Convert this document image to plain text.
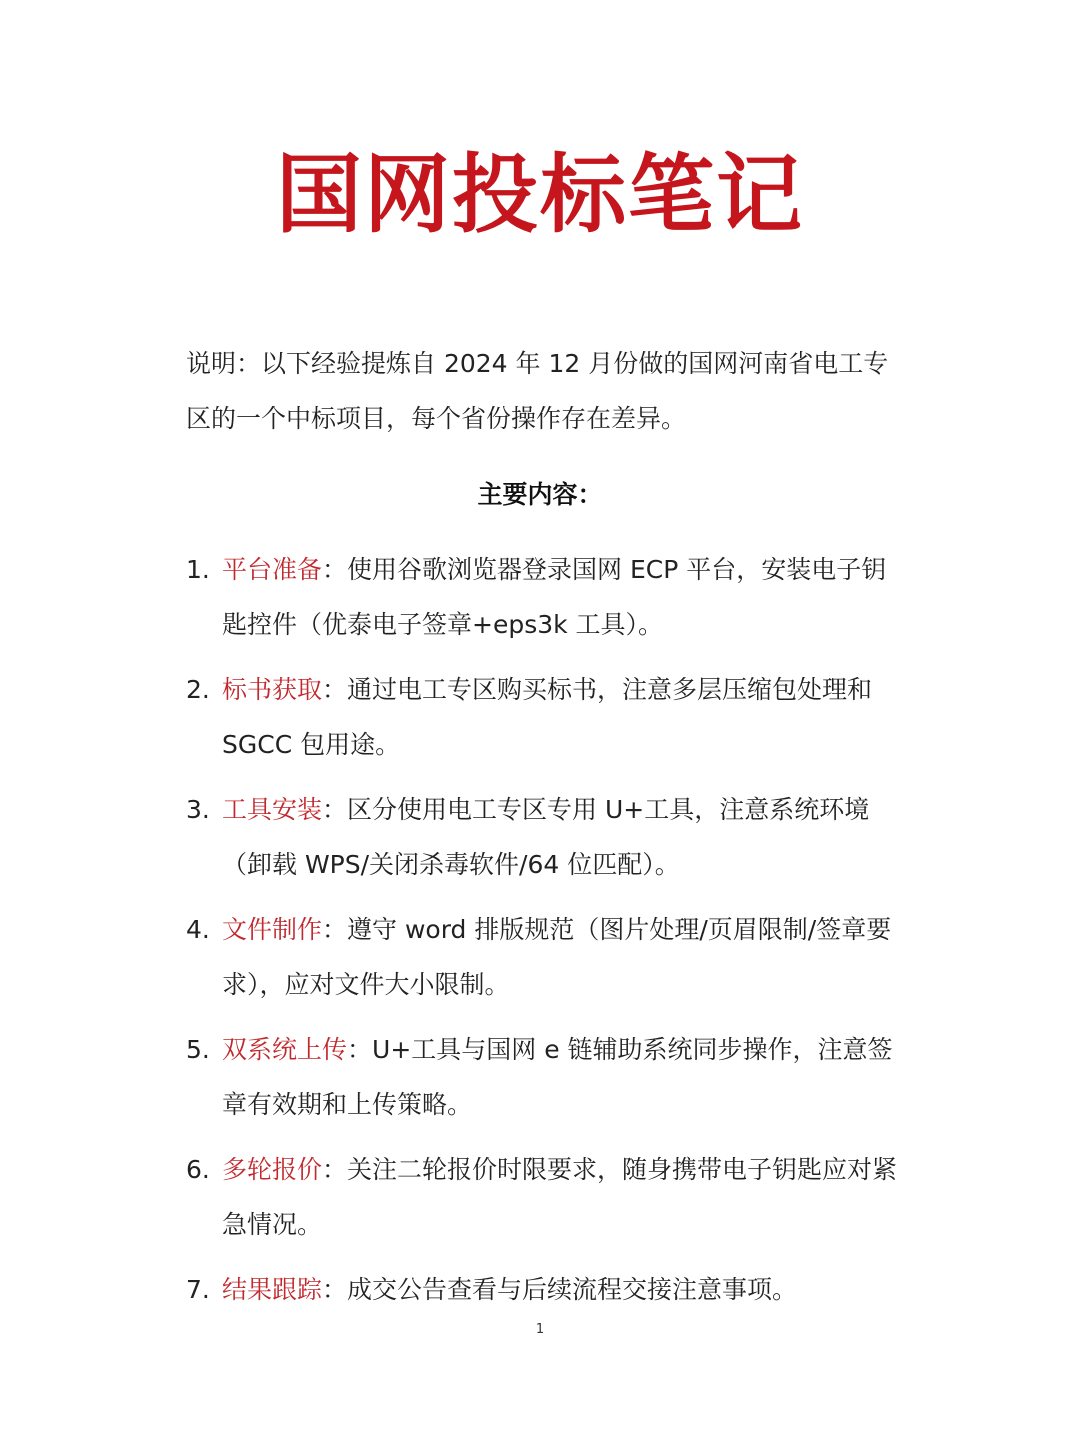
国网投标笔记
说明：以下经验提炼自 2024 年 12 月份做的国网河南省电工专区的一个中标项目，每个省份操作存在差异。
主要内容：
1. 平台准备：使用谷歌浏览器登录国网 ECP 平台，安装电子钥匙控件（优泰电子签章+eps3k 工具）。
2. 标书获取：通过电工专区购买标书，注意多层压缩包处理和 SGCC 包用途。
3. 工具安装：区分使用电工专区专用 U+工具，注意系统环境（卸载 WPS/关闭杀毒软件/64 位匹配）。
4. 文件制作：遵守 word 排版规范（图片处理/页眉限制/签章要求），应对文件大小限制。
5. 双系统上传：U+工具与国网 e 链辅助系统同步操作，注意签章有效期和上传策略。
6. 多轮报价：关注二轮报价时限要求，随身携带电子钥匙应对紧急情况。
7. 结果跟踪：成交公告查看与后续流程交接注意事项。
1
